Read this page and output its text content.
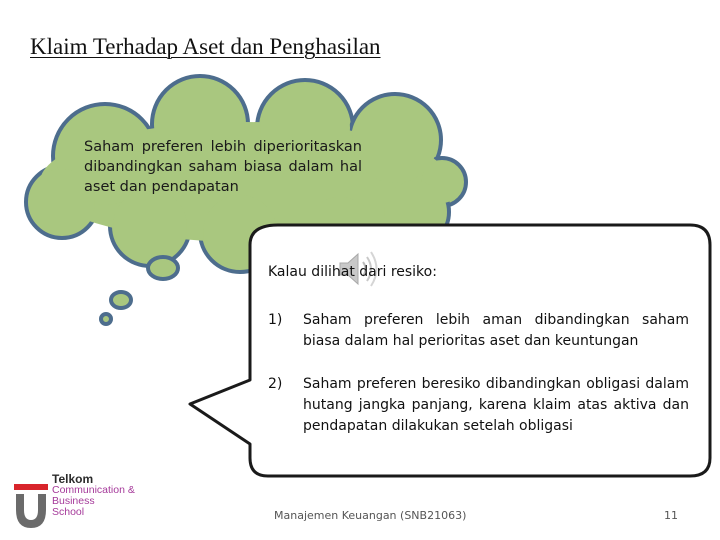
Klaim Terhadap Aset dan Penghasilan
Saham preferen lebih diperioritaskan dibandingkan saham biasa dalam hal aset dan pendapatan
Kalau dilihat dari resiko:
1) Saham preferen lebih aman dibandingkan saham biasa dalam hal perioritas aset dan keuntungan
2) Saham preferen beresiko dibandingkan obligasi dalam hutang jangka panjang, karena klaim atas aktiva dan pendapatan dilakukan setelah obligasi
Telkom
Communication &
Business
School	Manajemen Keuangan (SNB21063)	11
